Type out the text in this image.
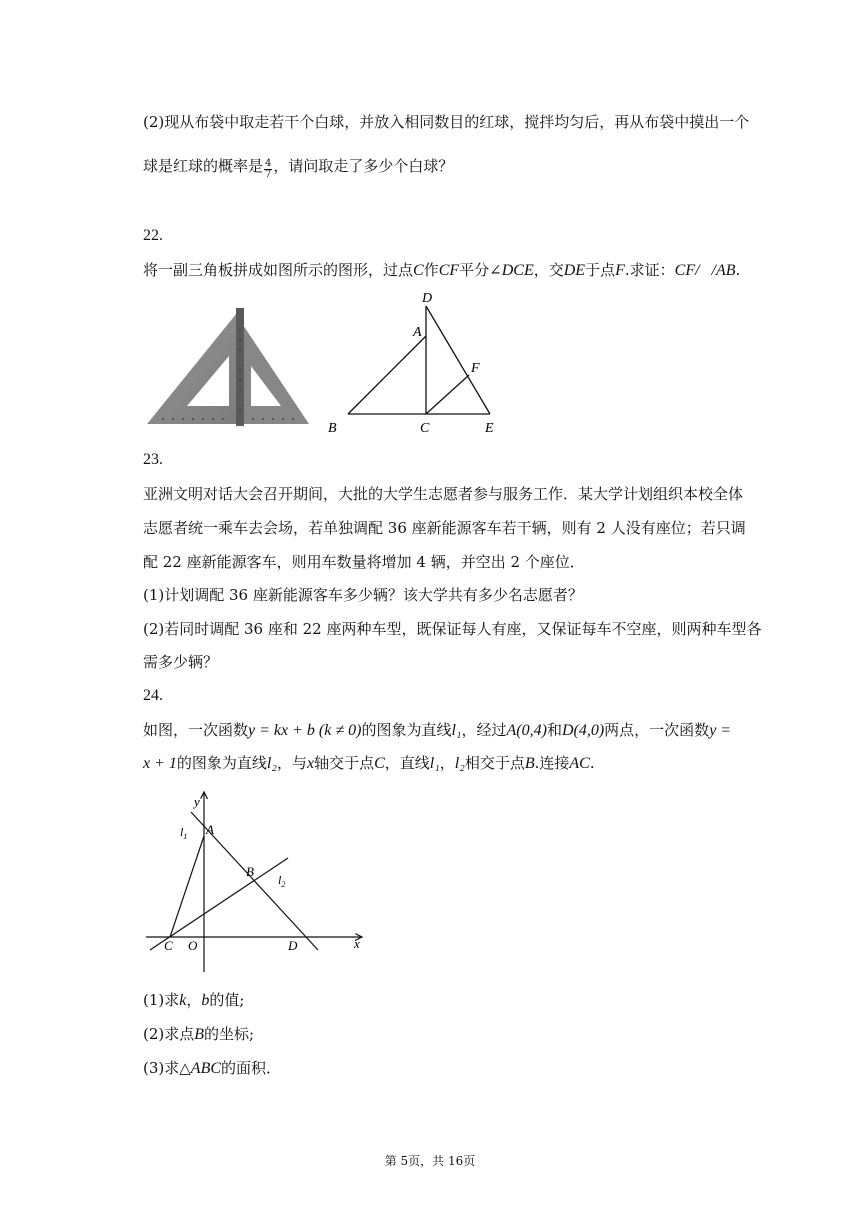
(2)现从布袋中取走若干个白球，并放入相同数目的红球，搅拌均匀后，再从布袋中摸出一个
球是红球的概率是 $\frac{4}{7}$ ，请问取走了多少个白球？
22.
将一副三角板拼成如图所示的图形，过点C作CF平分∠DCE，交DE于点F.求证：CF/   /AB.
D
A
F
B	C	E
23.
亚洲文明对话大会召开期间，大批的大学生志愿者参与服务工作．某大学计划组织本校全体
志愿者统一乘车去会场，若单独调配 36 座新能源客车若干辆，则有 2 人没有座位；若只调
配 22 座新能源客车，则用车数量将增加 4 辆，并空出 2 个座位．
(1)计划调配 36 座新能源客车多少辆？该大学共有多少名志愿者？
(2)若同时调配 36 座和 22 座两种车型，既保证每人有座，又保证每车不空座，则两种车型各
需多少辆？
24.
如图，一次函数y = kx + b (k ≠ 0)的图象为直线l₁，经过A(0,4)和D(4,0)两点，一次函数y =
x + 1的图象为直线l₂，与x轴交于点C，直线l₁，l₂相交于点B.连接AC.
y
x
A
B
C O	D
$l_1$
$l_2$
(1)求k，b的值;
(2)求点B的坐标;
(3)求△ABC的面积．
第 5页，共 16页
